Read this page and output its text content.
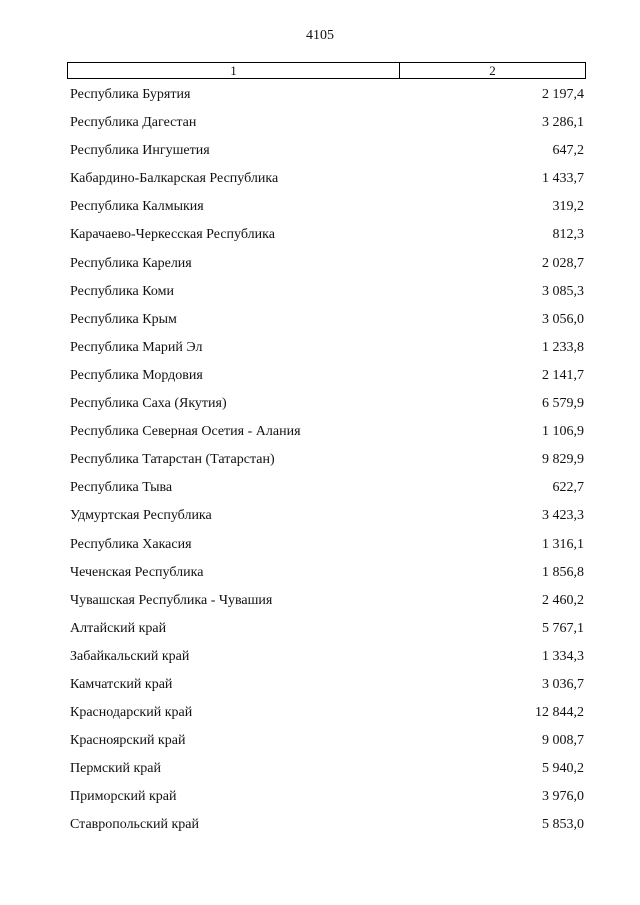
4105
1	2
Республика Бурятия	2 197,4
Республика Дагестан	3 286,1
Республика Ингушетия	647,2
Кабардино-Балкарская Республика	1 433,7
Республика Калмыкия	319,2
Карачаево-Черкесская Республика	812,3
Республика Карелия	2 028,7
Республика Коми	3 085,3
Республика Крым	3 056,0
Республика Марий Эл	1 233,8
Республика Мордовия	2 141,7
Республика Саха (Якутия)	6 579,9
Республика Северная Осетия - Алания	1 106,9
Республика Татарстан (Татарстан)	9 829,9
Республика Тыва	622,7
Удмуртская Республика	3 423,3
Республика Хакасия	1 316,1
Чеченская Республика	1 856,8
Чувашская Республика - Чувашия	2 460,2
Алтайский край	5 767,1
Забайкальский край	1 334,3
Камчатский край	3 036,7
Краснодарский край	12 844,2
Красноярский край	9 008,7
Пермский край	5 940,2
Приморский край	3 976,0
Ставропольский край	5 853,0
